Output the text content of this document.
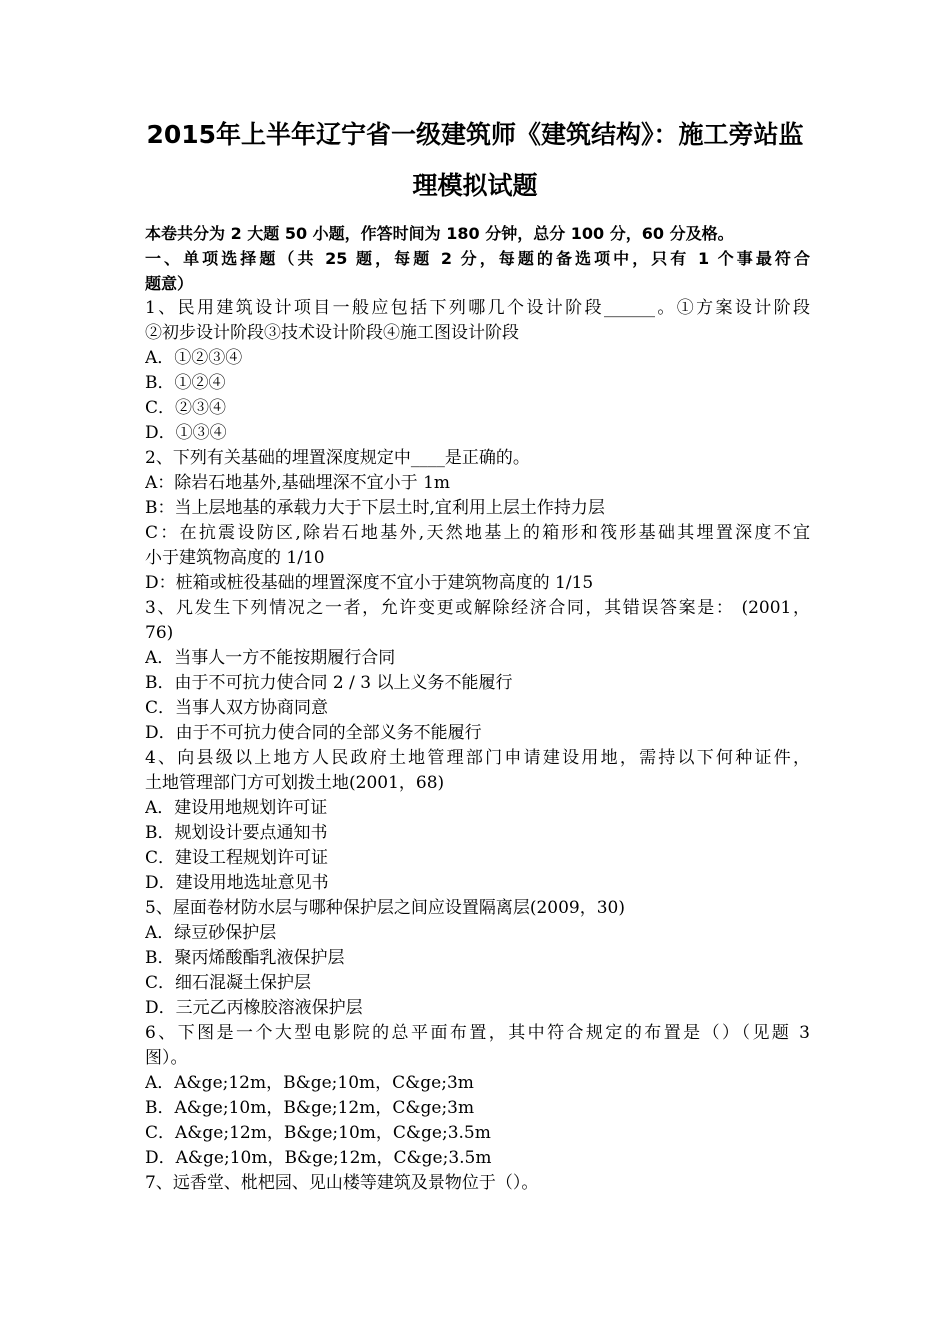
2015年上半年辽宁省一级建筑师《建筑结构》：施工旁站监
理模拟试题
本卷共分为 2 大题 50 小题，作答时间为 180 分钟，总分 100 分，60 分及格。
一、单项选择题（共 25 题，每题 2 分，每题的备选项中，只有 1 个事最符合
题意）
1、民用建筑设计项目一般应包括下列哪几个设计阶段______。①方案设计阶段
②初步设计阶段③技术设计阶段④施工图设计阶段
A．①②③④
B．①②④
C．②③④
D．①③④
2、下列有关基础的埋置深度规定中____是正确的。
A：除岩石地基外,基础埋深不宜小于 1m
B：当上层地基的承载力大于下层土时,宜利用上层土作持力层
C：在抗震设防区,除岩石地基外,天然地基上的箱形和筏形基础其埋置深度不宜
小于建筑物高度的 1/10
D：桩箱或桩役基础的埋置深度不宜小于建筑物高度的 1/15
3、凡发生下列情况之一者，允许变更或解除经济合同，其错误答案是： (2001，
76)
A．当事人一方不能按期履行合同
B．由于不可抗力使合同 2 / 3 以上义务不能履行
C．当事人双方协商同意
D．由于不可抗力使合同的全部义务不能履行
4、向县级以上地方人民政府土地管理部门申请建设用地，需持以下何种证件，
土地管理部门方可划拨土地(2001，68)
A．建设用地规划许可证
B．规划设计要点通知书
C．建设工程规划许可证
D．建设用地选址意见书
5、屋面卷材防水层与哪种保护层之间应设置隔离层(2009，30)
A．绿豆砂保护层
B．聚丙烯酸酯乳液保护层
C．细石混凝土保护层
D．三元乙丙橡胶溶液保护层
6、下图是一个大型电影院的总平面布置，其中符合规定的布置是（）（见题 3
图）。
A．A&ge;12m，B&ge;10m，C&ge;3m
B．A&ge;10m，B&ge;12m，C&ge;3m
C．A&ge;12m，B&ge;10m，C&ge;3.5m
D．A&ge;10m，B&ge;12m，C&ge;3.5m
7、远香堂、枇杷园、见山楼等建筑及景物位于（）。
